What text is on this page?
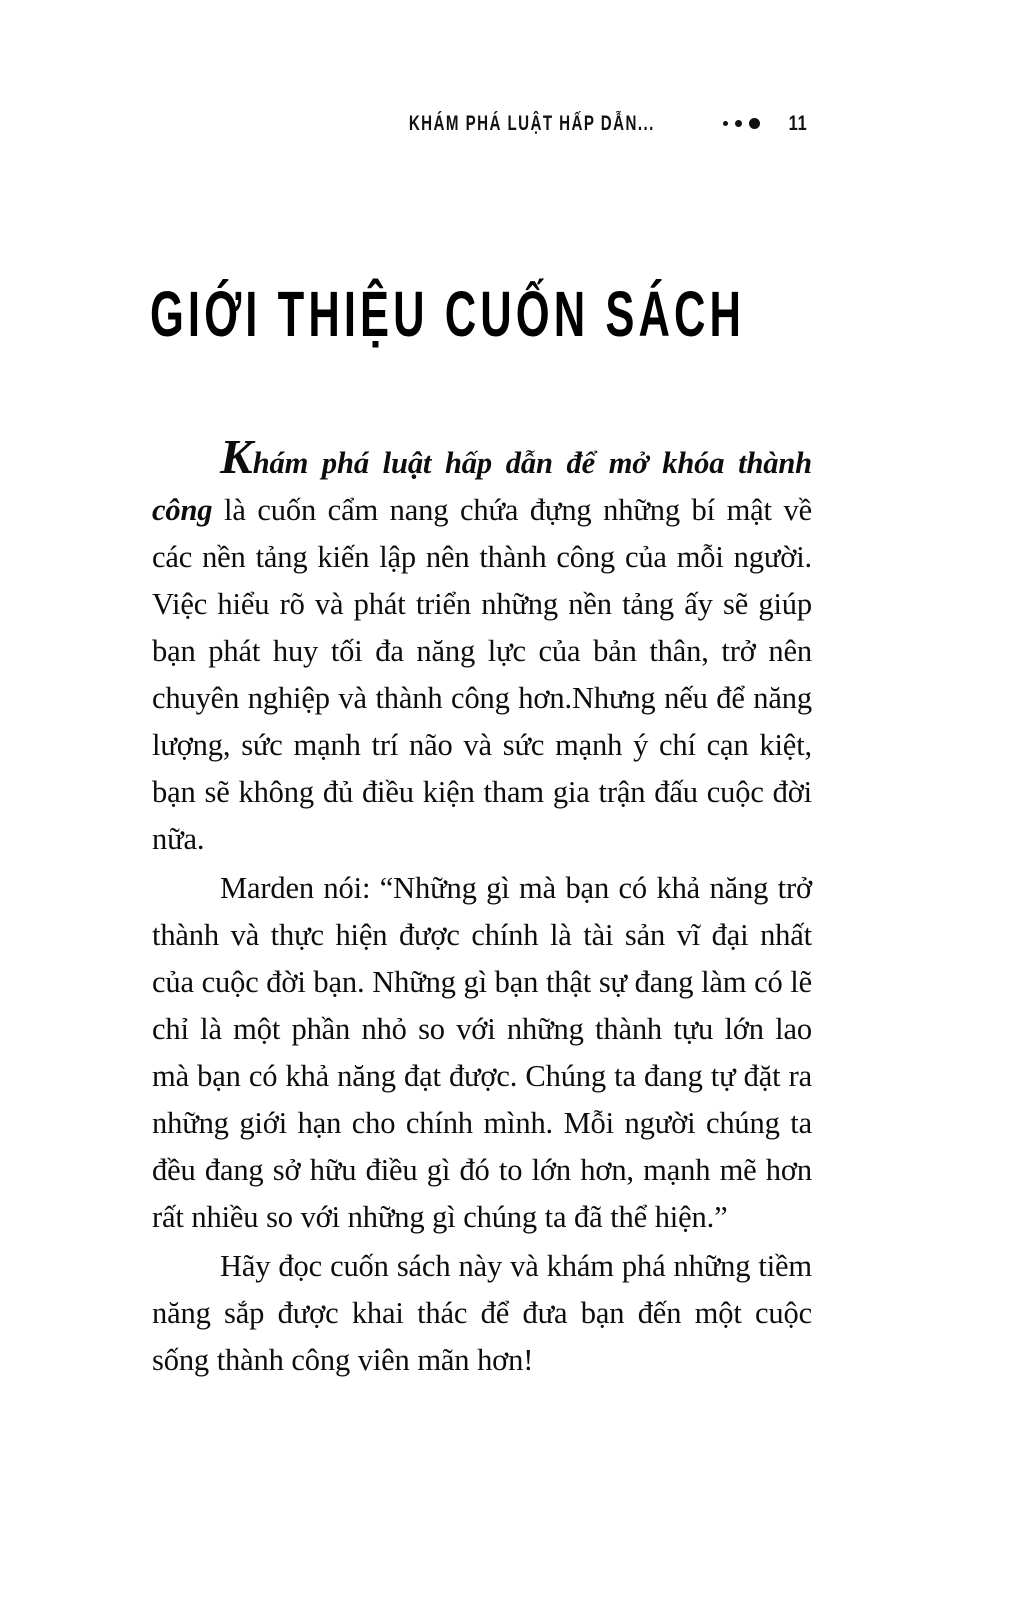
KHÁM PHÁ LUẬT HẤP DẪN...	11
GIỚI THIỆU CUỐN SÁCH

Khám phá luật hấp dẫn để mở khóa thành công là cuốn cẩm nang chứa đựng những bí mật về các nền tảng kiến lập nên thành công của mỗi người. Việc hiểu rõ và phát triển những nền tảng ấy sẽ giúp bạn phát huy tối đa năng lực của bản thân, trở nên chuyên nghiệp và thành công hơn.Nhưng nếu để năng lượng, sức mạnh trí não và sức mạnh ý chí cạn kiệt, bạn sẽ không đủ điều kiện tham gia trận đấu cuộc đời nữa.

Marden nói: “Những gì mà bạn có khả năng trở thành và thực hiện được chính là tài sản vĩ đại nhất của cuộc đời bạn. Những gì bạn thật sự đang làm có lẽ chỉ là một phần nhỏ so với những thành tựu lớn lao mà bạn có khả năng đạt được. Chúng ta đang tự đặt ra những giới hạn cho chính mình. Mỗi người chúng ta đều đang sở hữu điều gì đó to lớn hơn, mạnh mẽ hơn rất nhiều so với những gì chúng ta đã thể hiện.”

Hãy đọc cuốn sách này và khám phá những tiềm năng sắp được khai thác để đưa bạn đến một cuộc sống thành công viên mãn hơn!
